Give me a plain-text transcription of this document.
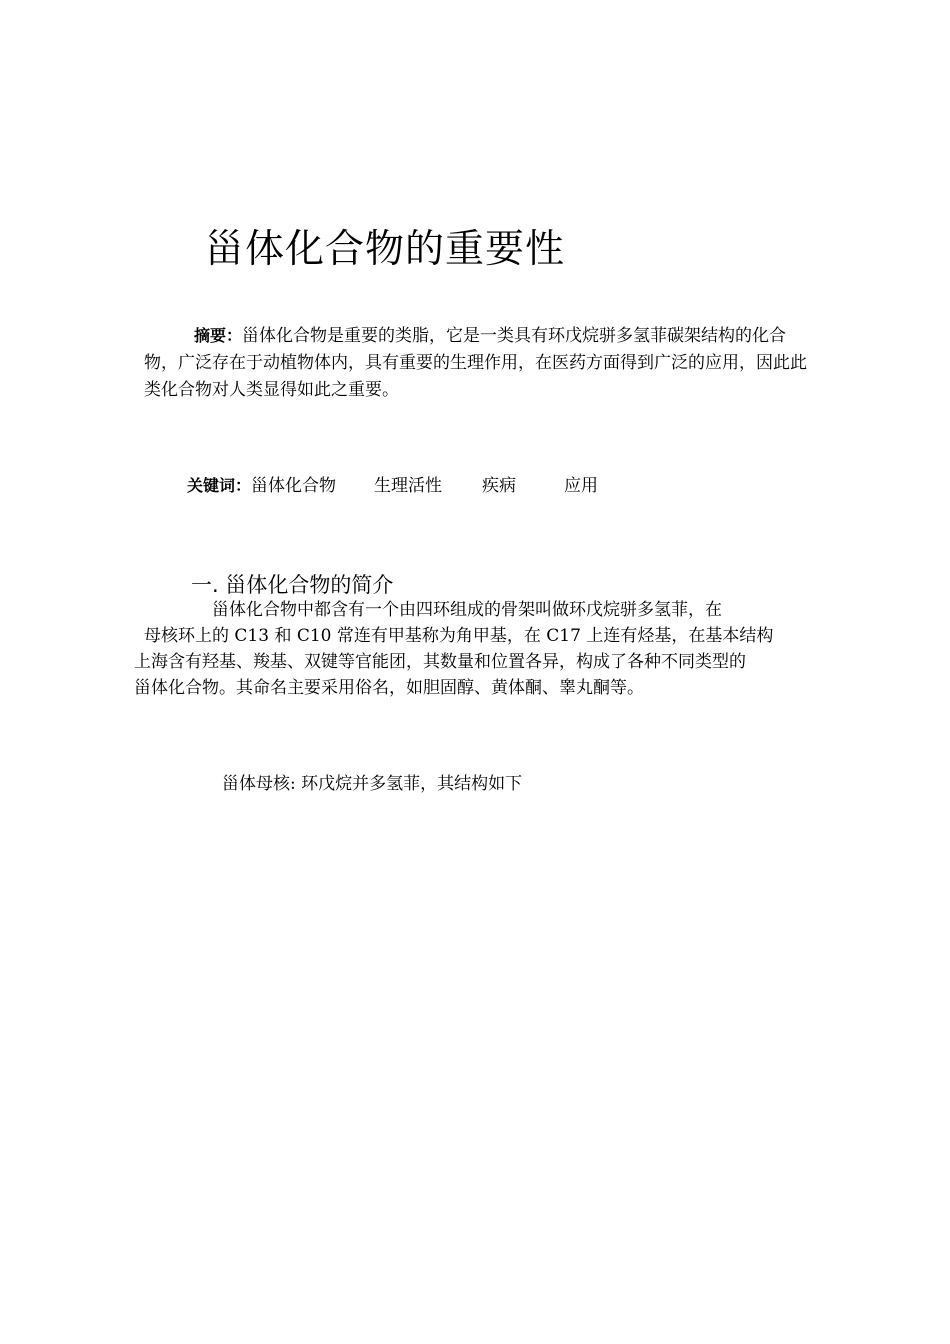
甾体化合物的重要性

摘要：甾体化合物是重要的类脂，它是一类具有环戊烷骈多氢菲碳架结构的化合物，广泛存在于动植物体内，具有重要的生理作用，在医药方面得到广泛的应用，因此此类化合物对人类显得如此之重要。

关键词：甾体化合物 生理活性 疾病	应用

一. 甾体化合物的简介

甾体化合物中都含有一个由四环组成的骨架叫做环戊烷骈多氢菲，在
母核环上的 C13 和 C10 常连有甲基称为角甲基，在 C17 上连有烃基，在基本结构
上海含有羟基、羧基、双键等官能团，其数量和位置各异，构成了各种不同类型的
甾体化合物。其命名主要采用俗名，如胆固醇、黄体酮、睾丸酮等。

甾体母核: 环戊烷并多氢菲，其结构如下
